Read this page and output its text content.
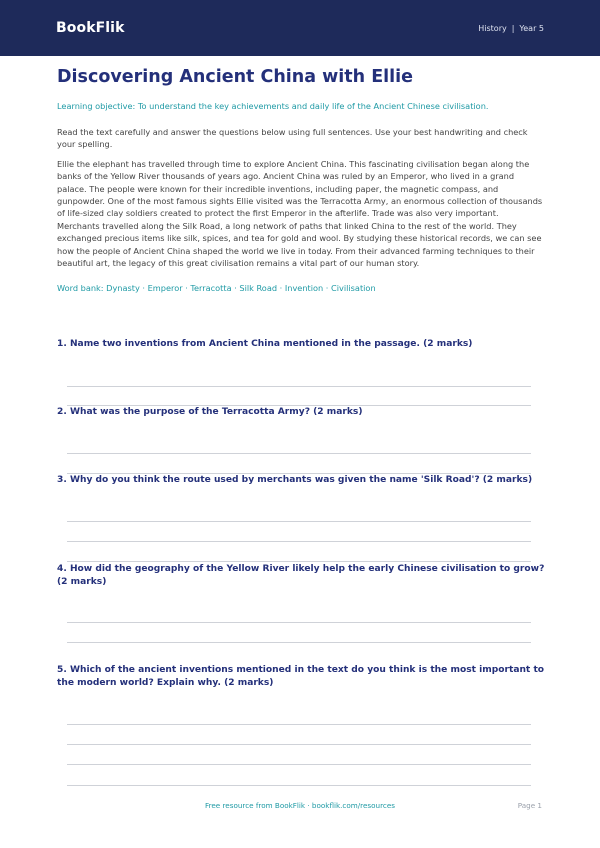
BookFlik	History | Year 5
Discovering Ancient China with Ellie

Learning objective: To understand the key achievements and daily life of the Ancient Chinese civilisation.

Read the text carefully and answer the questions below using full sentences. Use your best handwriting and check your spelling.

Ellie the elephant has travelled through time to explore Ancient China. This fascinating civilisation began along the banks of the Yellow River thousands of years ago. Ancient China was ruled by an Emperor, who lived in a grand palace. The people were known for their incredible inventions, including paper, the magnetic compass, and gunpowder. One of the most famous sights Ellie visited was the Terracotta Army, an enormous collection of thousands of life-sized clay soldiers created to protect the first Emperor in the afterlife. Trade was also very important. Merchants travelled along the Silk Road, a long network of paths that linked China to the rest of the world. They exchanged precious items like silk, spices, and tea for gold and wool. By studying these historical records, we can see how the people of Ancient China shaped the world we live in today. From their advanced farming techniques to their beautiful art, the legacy of this great civilisation remains a vital part of our human story.

Word bank: Dynasty · Emperor · Terracotta · Silk Road · Invention · Civilisation

1. Name two inventions from Ancient China mentioned in the passage. (2 marks)
2. What was the purpose of the Terracotta Army? (2 marks)
3. Why do you think the route used by merchants was given the name 'Silk Road'? (2 marks)
4. How did the geography of the Yellow River likely help the early Chinese civilisation to grow? (2 marks)
5. Which of the ancient inventions mentioned in the text do you think is the most important to the modern world? Explain why. (2 marks)
Free resource from BookFlik · bookflik.com/resources	Page 1
